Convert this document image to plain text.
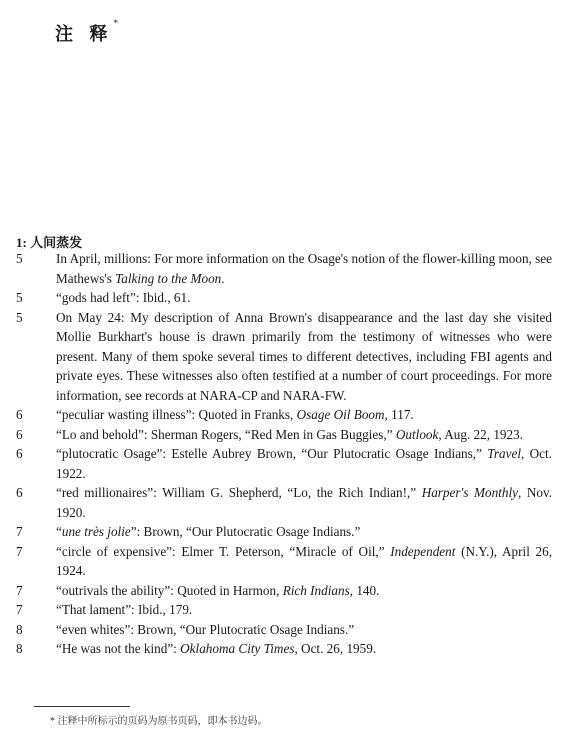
注 释*
1: 人间蒸发
5	In April, millions: For more information on the Osage's notion of the flower-killing moon, see Mathews's Talking to the Moon.
5	“gods had left”: Ibid., 61.
5	On May 24: My description of Anna Brown's disappearance and the last day she visited Mollie Burkhart's house is drawn primarily from the testimony of witnesses who were present. Many of them spoke several times to different detectives, including FBI agents and private eyes. These witnesses also often testified at a number of court proceedings. For more information, see records at NARA-CP and NARA-FW.
6	“peculiar wasting illness”: Quoted in Franks, Osage Oil Boom, 117.
6	“Lo and behold”: Sherman Rogers, “Red Men in Gas Buggies,” Outlook, Aug. 22, 1923.
6	“plutocratic Osage”: Estelle Aubrey Brown, “Our Plutocratic Osage Indians,” Travel, Oct. 1922.
6	“red millionaires”: William G. Shepherd, “Lo, the Rich Indian!,” Harper's Monthly, Nov. 1920.
7	“une très jolie”: Brown, “Our Plutocratic Osage Indians.”
7	“circle of expensive”: Elmer T. Peterson, “Miracle of Oil,” Independent (N.Y.), April 26, 1924.
7	“outrivals the ability”: Quoted in Harmon, Rich Indians, 140.
7	“That lament”: Ibid., 179.
8	“even whites”: Brown, “Our Plutocratic Osage Indians.”
8	“He was not the kind”: Oklahoma City Times, Oct. 26, 1959.
* 注释中所标示的页码为原书页码，即本书边码。
